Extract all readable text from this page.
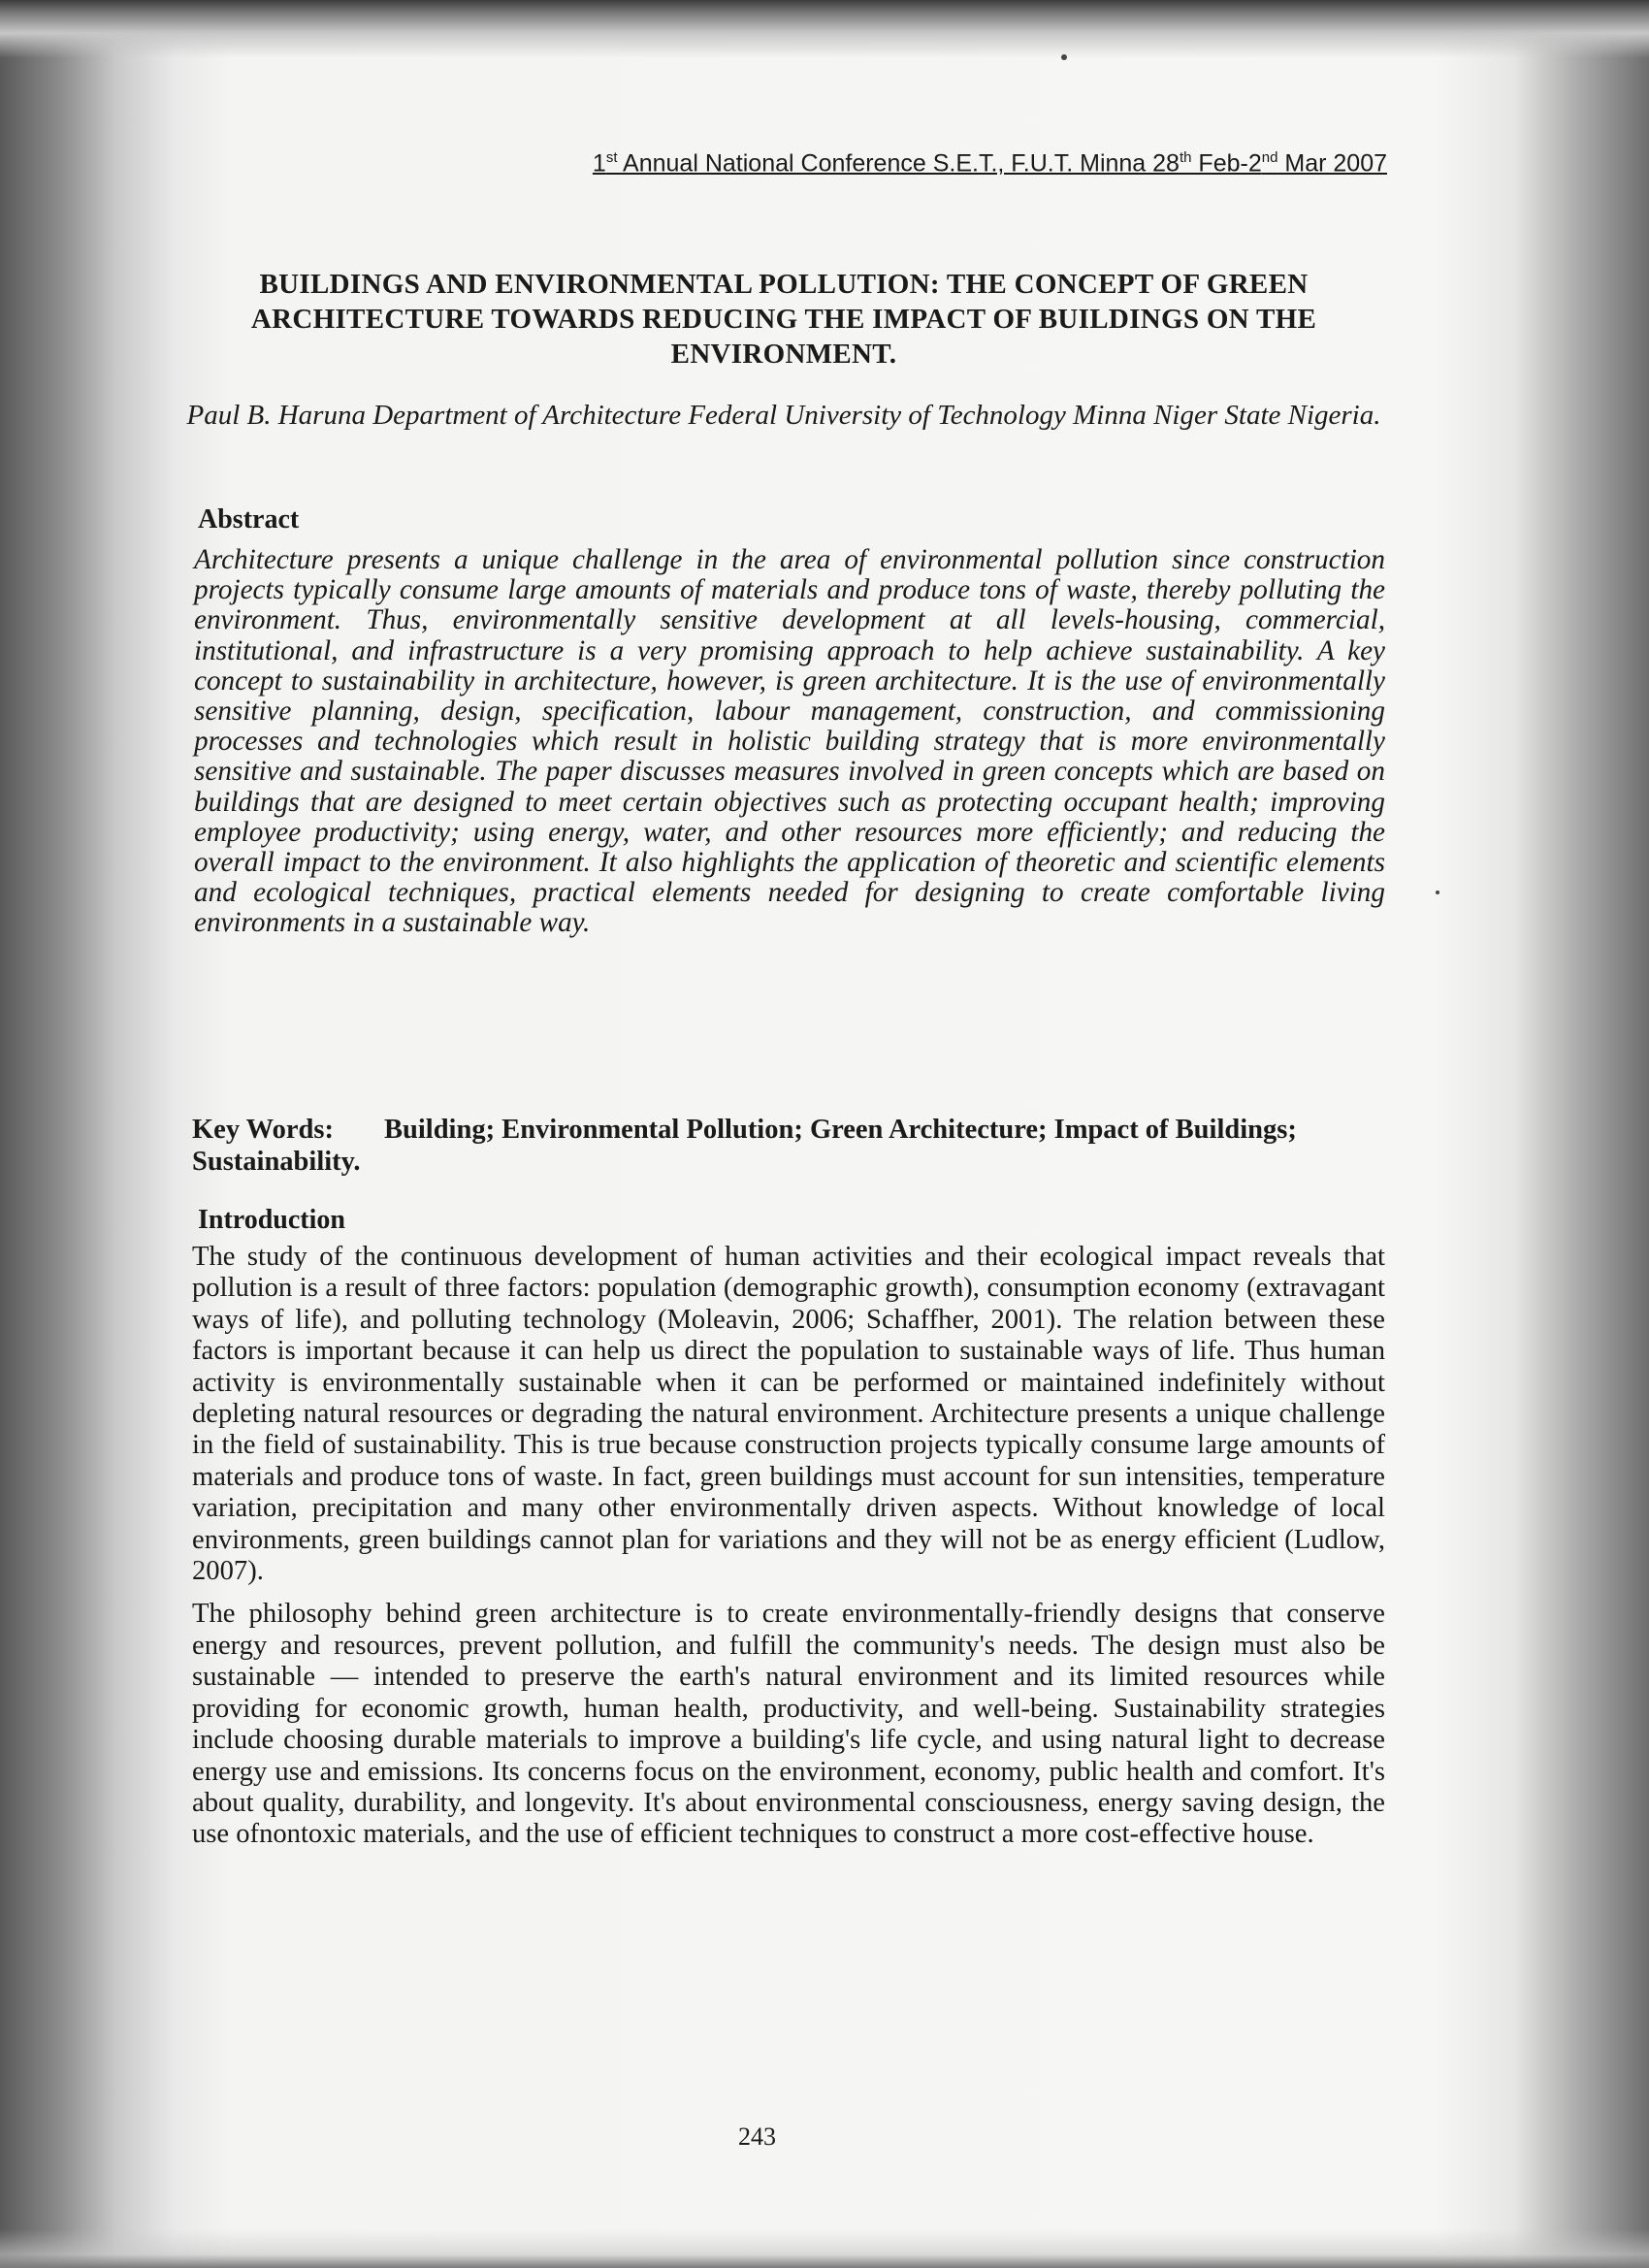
1st Annual National Conference S.E.T., F.U.T. Minna 28th Feb-2nd Mar 2007
BUILDINGS AND ENVIRONMENTAL POLLUTION: THE CONCEPT OF GREEN ARCHITECTURE TOWARDS REDUCING THE IMPACT OF BUILDINGS ON THE ENVIRONMENT.
Paul B. Haruna Department of Architecture Federal University of Technology Minna Niger State Nigeria.
Abstract
Architecture presents a unique challenge in the area of environmental pollution since construction projects typically consume large amounts of materials and produce tons of waste, thereby polluting the environment. Thus, environmentally sensitive development at all levels-housing, commercial, institutional, and infrastructure is a very promising approach to help achieve sustainability. A key concept to sustainability in architecture, however, is green architecture. It is the use of environmentally sensitive planning, design, specification, labour management, construction, and commissioning processes and technologies which result in holistic building strategy that is more environmentally sensitive and sustainable. The paper discusses measures involved in green concepts which are based on buildings that are designed to meet certain objectives such as protecting occupant health; improving employee productivity; using energy, water, and other resources more efficiently; and reducing the overall impact to the environment. It also highlights the application of theoretic and scientific elements and ecological techniques, practical elements needed for designing to create comfortable living environments in a sustainable way.
Key Words: Building; Environmental Pollution; Green Architecture; Impact of Buildings; Sustainability.
Introduction

The study of the continuous development of human activities and their ecological impact reveals that pollution is a result of three factors: population (demographic growth), consumption economy (extravagant ways of life), and polluting technology (Moleavin, 2006; Schaffher, 2001). The relation between these factors is important because it can help us direct the population to sustainable ways of life. Thus human activity is environmentally sustainable when it can be performed or maintained indefinitely without depleting natural resources or degrading the natural environment. Architecture presents a unique challenge in the field of sustainability. This is true because construction projects typically consume large amounts of materials and produce tons of waste. In fact, green buildings must account for sun intensities, temperature variation, precipitation and many other environmentally driven aspects. Without knowledge of local environments, green buildings cannot plan for variations and they will not be as energy efficient (Ludlow, 2007).

The philosophy behind green architecture is to create environmentally-friendly designs that conserve energy and resources, prevent pollution, and fulfill the community's needs. The design must also be sustainable — intended to preserve the earth's natural environment and its limited resources while providing for economic growth, human health, productivity, and well-being. Sustainability strategies include choosing durable materials to improve a building's life cycle, and using natural light to decrease energy use and emissions. Its concerns focus on the environment, economy, public health and comfort. It's about quality, durability, and longevity. It's about environmental consciousness, energy saving design, the use ofnontoxic materials, and the use of efficient techniques to construct a more cost-effective house.

243
